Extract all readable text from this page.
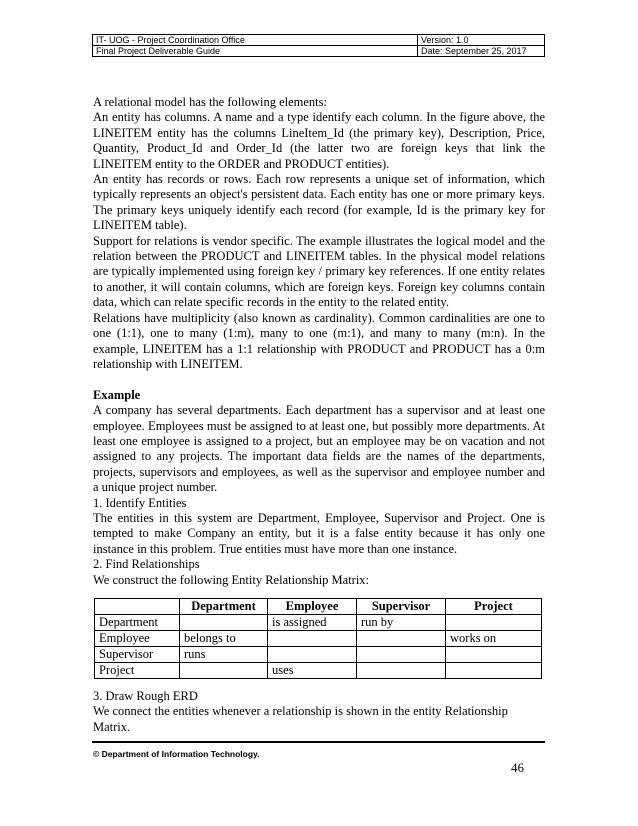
IT- UOG - Project Coordination Office	Version: 1.0
Final Project Deliverable Guide	Date: September 25, 2017

A relational model has the following elements:

An entity has columns. A name and a type identify each column. In the figure above, the LINEITEM entity has the columns LineItem_Id (the primary key), Description, Price, Quantity, Product_Id and Order_Id (the latter two are foreign keys that link the LINEITEM entity to the ORDER and PRODUCT entities).

An entity has records or rows. Each row represents a unique set of information, which typically represents an object's persistent data. Each entity has one or more primary keys. The primary keys uniquely identify each record (for example, Id is the primary key for LINEITEM table).

Support for relations is vendor specific. The example illustrates the logical model and the relation between the PRODUCT and LINEITEM tables. In the physical model relations are typically implemented using foreign key / primary key references. If one entity relates to another, it will contain columns, which are foreign keys. Foreign key columns contain data, which can relate specific records in the entity to the related entity.

Relations have multiplicity (also known as cardinality). Common cardinalities are one to one (1:1), one to many (1:m), many to one (m:1), and many to many (m:n). In the example, LINEITEM has a 1:1 relationship with PRODUCT and PRODUCT has a 0:m relationship with LINEITEM.

Example

A company has several departments. Each department has a supervisor and at least one employee. Employees must be assigned to at least one, but possibly more departments. At least one employee is assigned to a project, but an employee may be on vacation and not assigned to any projects. The important data fields are the names of the departments, projects, supervisors and employees, as well as the supervisor and employee number and a unique project number.

1. Identify Entities

The entities in this system are Department, Employee, Supervisor and Project. One is tempted to make Company an entity, but it is a false entity because it has only one instance in this problem. True entities must have more than one instance.

2. Find Relationships

We construct the following Entity Relationship Matrix:

	Department	Employee	Supervisor	Project
Department		is assigned	run by	
Employee	belongs to			works on
Supervisor	runs			
Project		uses		

3. Draw Rough ERD

We connect the entities whenever a relationship is shown in the entity Relationship Matrix.

© Department of Information Technology.
46
